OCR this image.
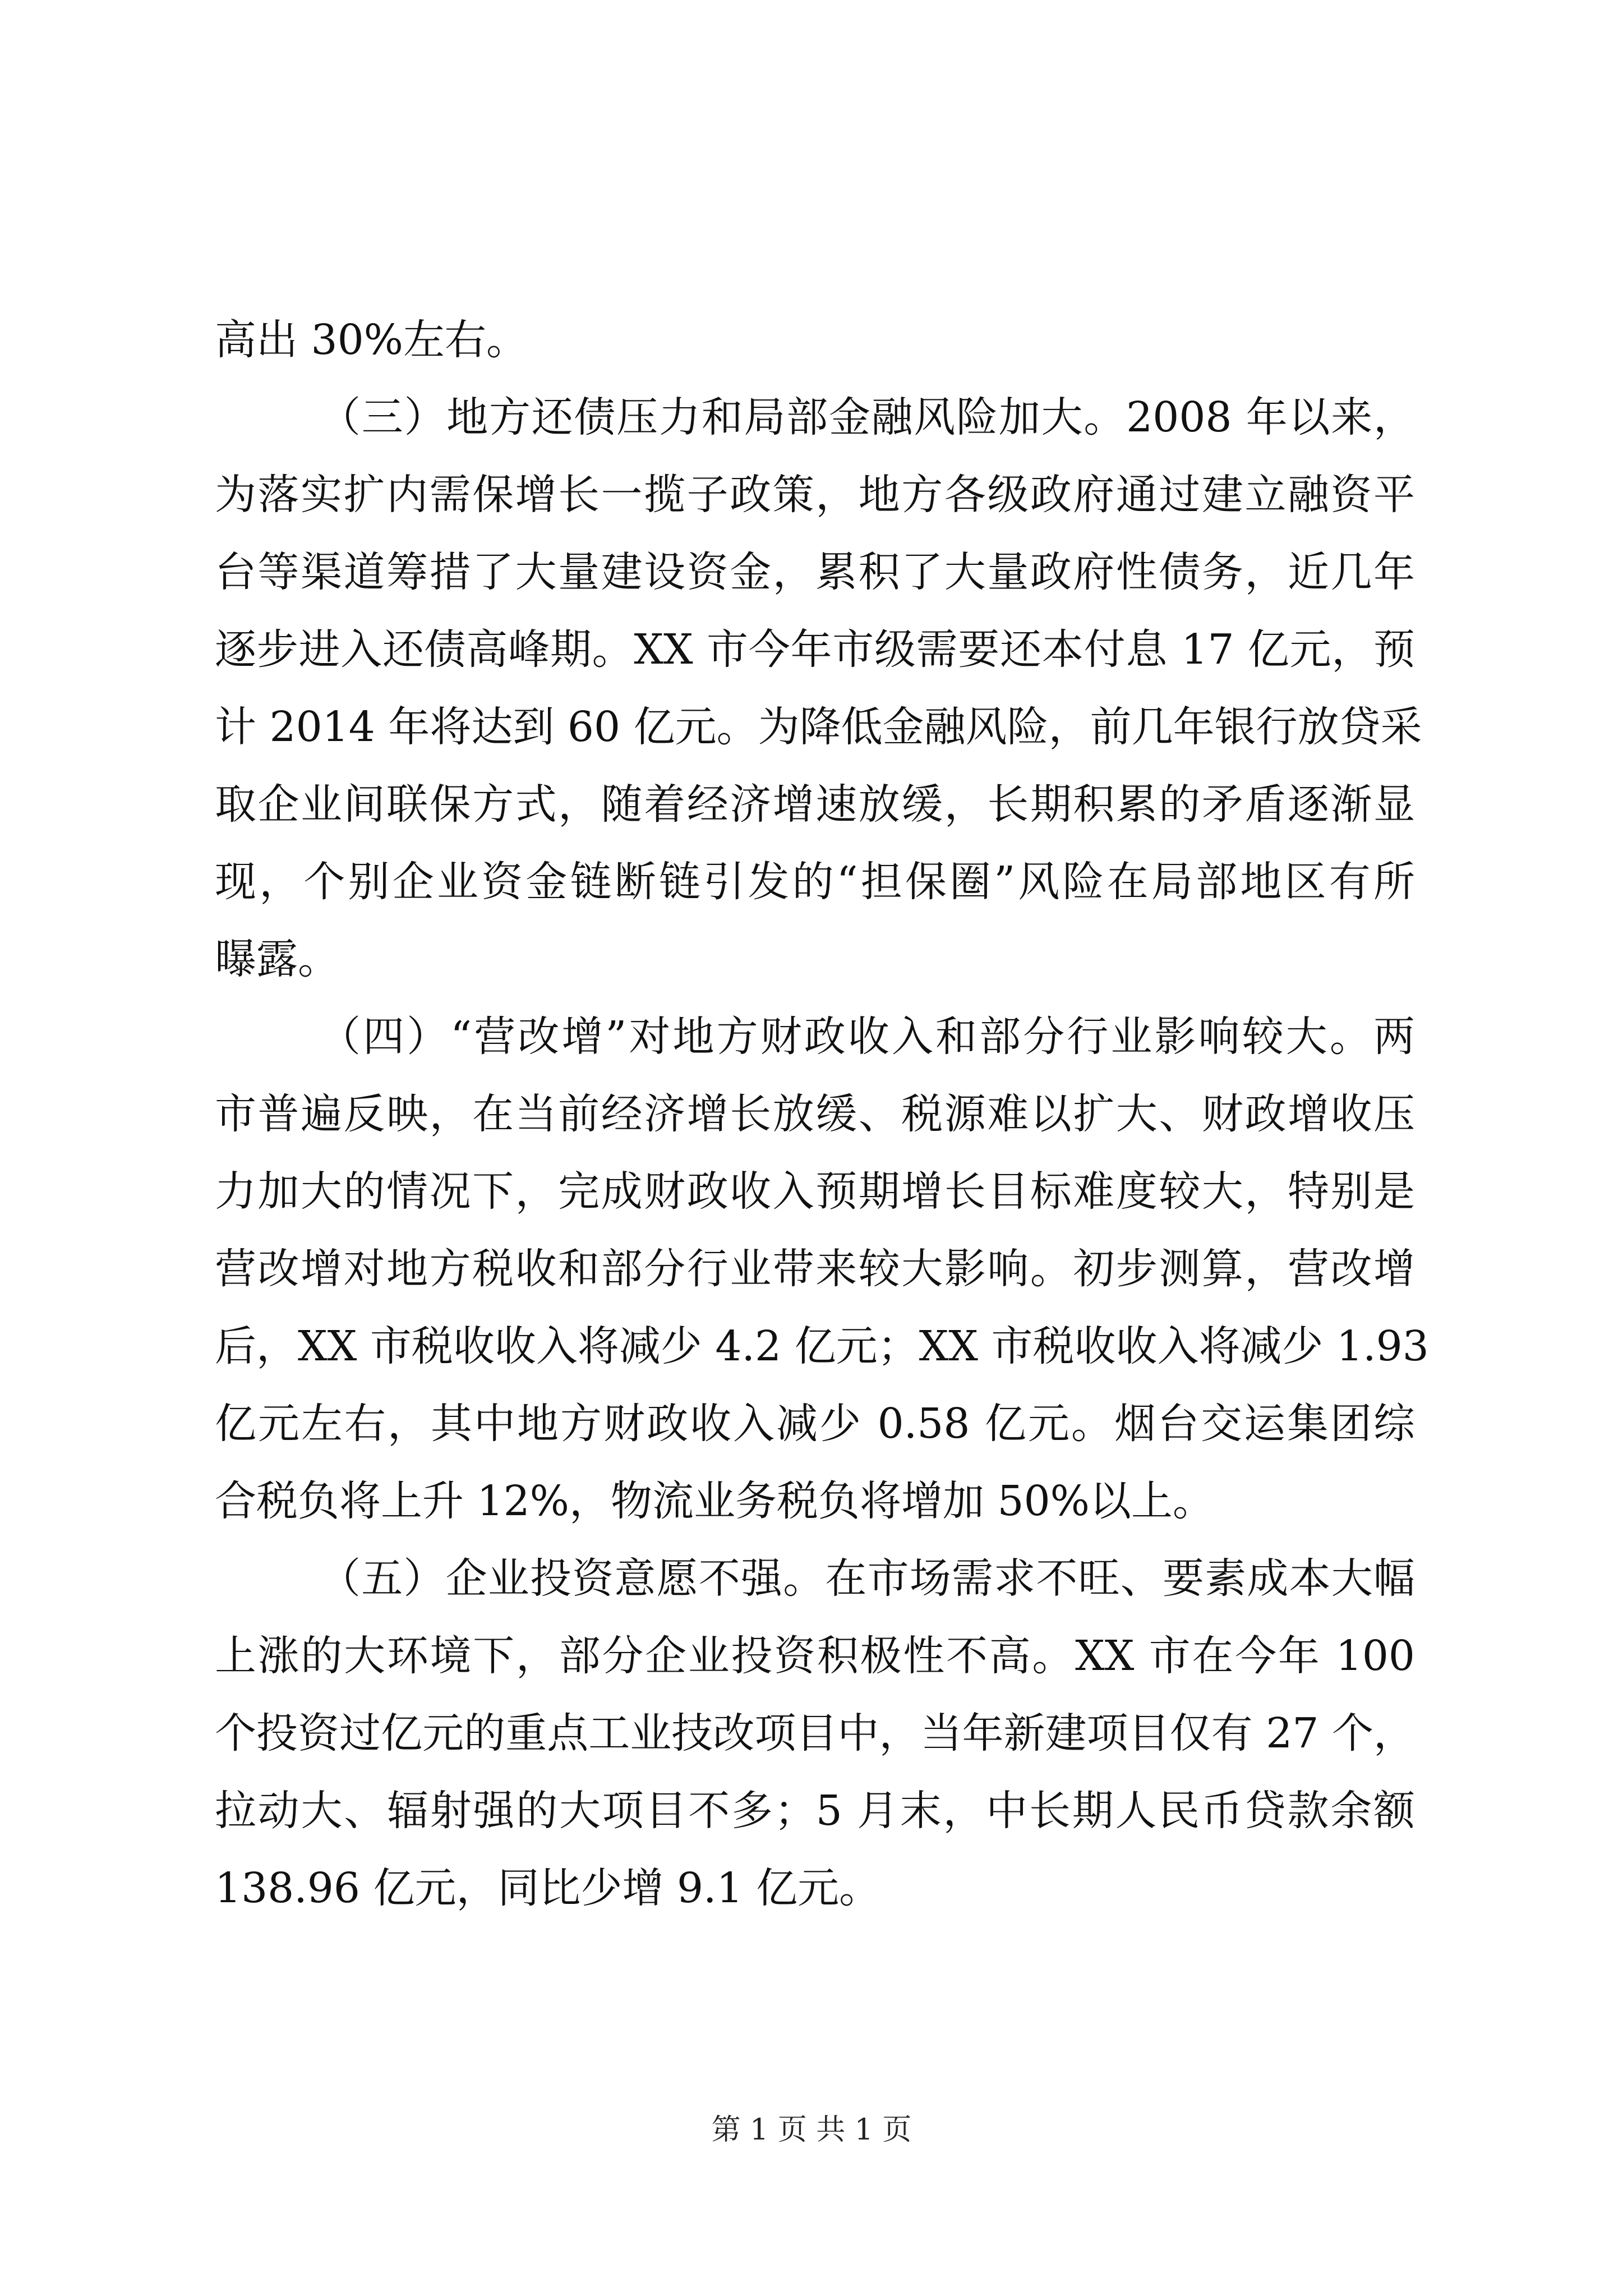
高出 30%左右。
（三）地方还债压力和局部金融风险加大。2008 年以来，
为落实扩内需保增长一揽子政策，地方各级政府通过建立融资平
台等渠道筹措了大量建设资金，累积了大量政府性债务，近几年
逐步进入还债高峰期。XX 市今年市级需要还本付息 17 亿元，预
计 2014 年将达到 60 亿元。为降低金融风险，前几年银行放贷采
取企业间联保方式，随着经济增速放缓，长期积累的矛盾逐渐显
现，个别企业资金链断链引发的“担保圈”风险在局部地区有所
曝露。
（四）“营改增”对地方财政收入和部分行业影响较大。两
市普遍反映，在当前经济增长放缓、税源难以扩大、财政增收压
力加大的情况下，完成财政收入预期增长目标难度较大，特别是
营改增对地方税收和部分行业带来较大影响。初步测算，营改增
后，XX 市税收收入将减少 4.2 亿元；XX 市税收收入将减少 1.93
亿元左右，其中地方财政收入减少 0.58 亿元。烟台交运集团综
合税负将上升 12%，物流业务税负将增加 50%以上。
（五）企业投资意愿不强。在市场需求不旺、要素成本大幅
上涨的大环境下，部分企业投资积极性不高。XX 市在今年 100
个投资过亿元的重点工业技改项目中，当年新建项目仅有 27 个，
拉动大、辐射强的大项目不多；5 月末，中长期人民币贷款余额
138.96 亿元，同比少增 9.1 亿元。
第 1 页 共 1 页
